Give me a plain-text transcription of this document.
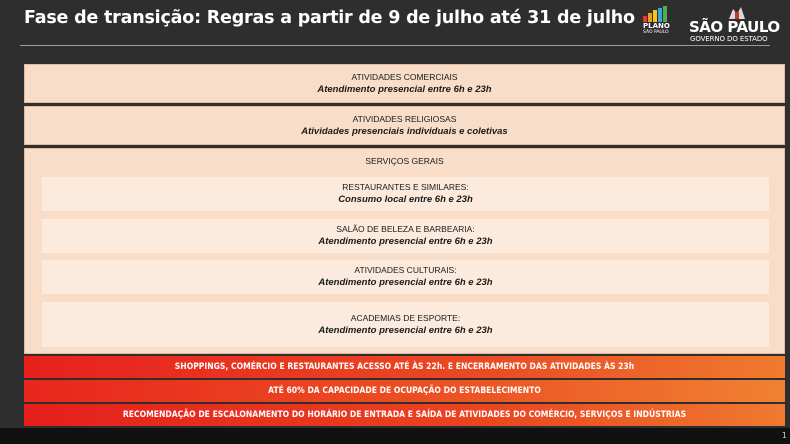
Fase de transição: Regras a partir de 9 de julho até 31 de julho PLANO
SÃO PAULO	SÃO PAULO
GOVERNO DO ESTADO
ATIVIDADES COMERCIAIS
Atendimento presencial entre 6h e 23h
ATIVIDADES RELIGIOSAS
Atividades presenciais individuais e coletivas
SERVIÇOS GERAIS
RESTAURANTES E SIMILARES:
Consumo local entre 6h e 23h
SALÃO DE BELEZA E BARBEARIA:
Atendimento presencial entre 6h e 23h
ATIVIDADES CULTURAIS:
Atendimento presencial entre 6h e 23h
ACADEMIAS DE ESPORTE:
Atendimento presencial entre 6h e 23h
SHOPPINGS, COMÉRCIO E RESTAURANTES ACESSO ATÉ ÀS 22h. E ENCERRAMENTO DAS ATIVIDADES ÀS 23h
ATÉ 60% DA CAPACIDADE DE OCUPAÇÃO DO ESTABELECIMENTO
RECOMENDAÇÃO DE ESCALONAMENTO DO HORÁRIO DE ENTRADA E SAÍDA DE ATIVIDADES DO COMÉRCIO, SERVIÇOS E INDÚSTRIAS
1
